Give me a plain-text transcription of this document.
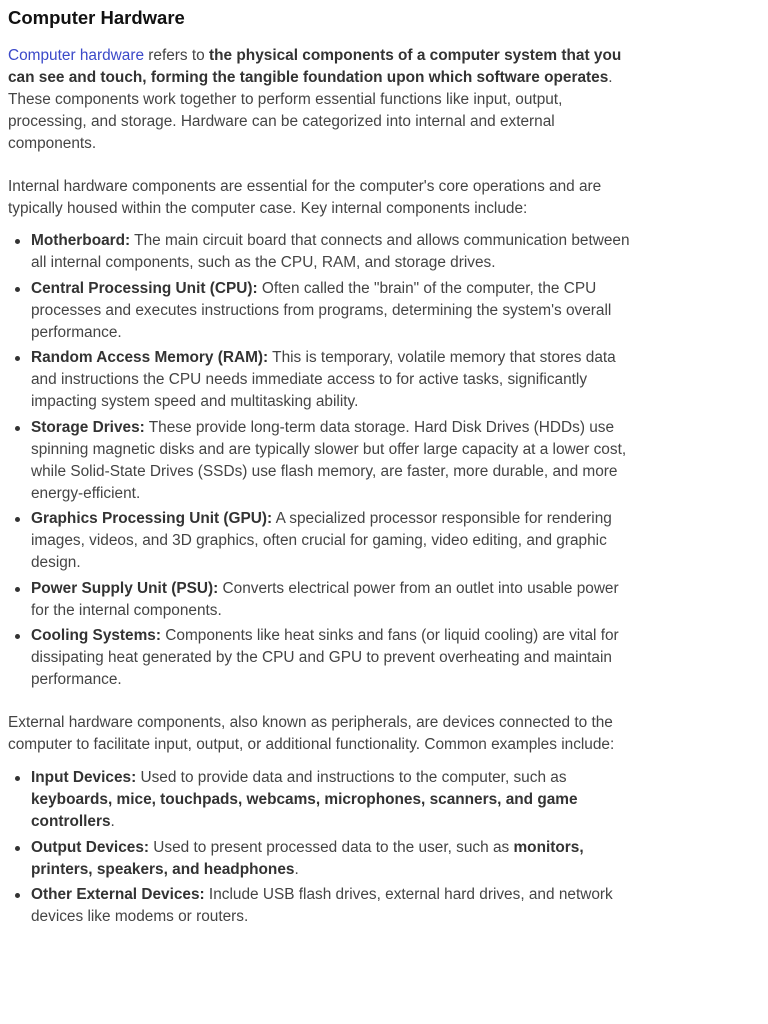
Computer Hardware

Computer hardware refers to the physical components of a computer system that you can see and touch, forming the tangible foundation upon which software operates. These components work together to perform essential functions like input, output, processing, and storage. Hardware can be categorized into internal and external components.

Internal hardware components are essential for the computer's core operations and are typically housed within the computer case. Key internal components include:

Motherboard: The main circuit board that connects and allows communication between all internal components, such as the CPU, RAM, and storage drives.
Central Processing Unit (CPU): Often called the "brain" of the computer, the CPU processes and executes instructions from programs, determining the system's overall performance.
Random Access Memory (RAM): This is temporary, volatile memory that stores data and instructions the CPU needs immediate access to for active tasks, significantly impacting system speed and multitasking ability.
Storage Drives: These provide long-term data storage. Hard Disk Drives (HDDs) use spinning magnetic disks and are typically slower but offer large capacity at a lower cost, while Solid-State Drives (SSDs) use flash memory, are faster, more durable, and more energy-efficient.
Graphics Processing Unit (GPU): A specialized processor responsible for rendering images, videos, and 3D graphics, often crucial for gaming, video editing, and graphic design.
Power Supply Unit (PSU): Converts electrical power from an outlet into usable power for the internal components.
Cooling Systems: Components like heat sinks and fans (or liquid cooling) are vital for dissipating heat generated by the CPU and GPU to prevent overheating and maintain performance.

External hardware components, also known as peripherals, are devices connected to the computer to facilitate input, output, or additional functionality. Common examples include:

Input Devices: Used to provide data and instructions to the computer, such as keyboards, mice, touchpads, webcams, microphones, scanners, and game controllers.
Output Devices: Used to present processed data to the user, such as monitors, printers, speakers, and headphones.
Other External Devices: Include USB flash drives, external hard drives, and network devices like modems or routers.
